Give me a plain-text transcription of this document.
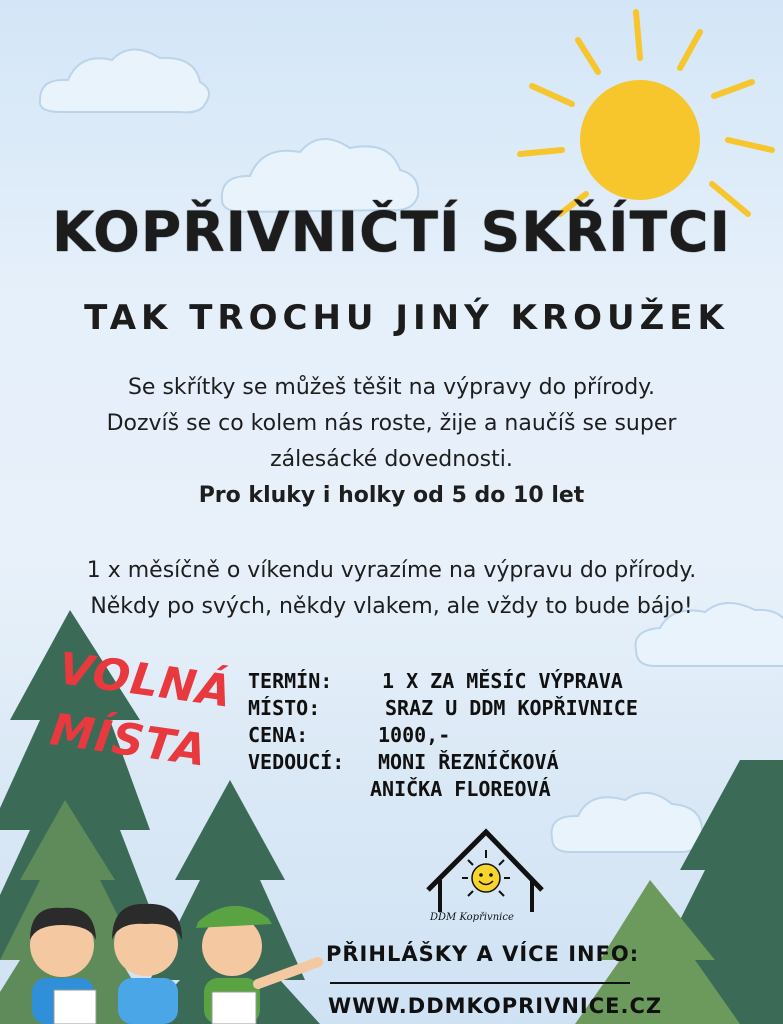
KOPŘIVNIČTÍ SKŘÍTCI
TAK TROCHU JINÝ KROUŽEK
Se skřítky se můžeš těšit na výpravy do přírody.
Dozvíš se co kolem nás roste, žije a naučíš se super
zálesácké dovednosti.
Pro kluky i holky od 5 do 10 let
1 x měsíčně o víkendu vyrazíme na výpravu do přírody.
Někdy po svých, někdy vlakem, ale vždy to bude bájo!
VOLNÁ
MÍSTA
TERMÍN: 1 X ZA MĚSÍC VÝPRAVA
MÍSTO:	SRAZ U DDM KOPŘIVNICE
CENA:	1000,-
VEDOUCÍ: MONI ŘEZNÍČKOVÁ
ANIČKA FLOREOVÁ
DDM Kopřivnice
PŘIHLÁŠKY A VÍCE INFO:
WWW.DDMKOPRIVNICE.CZ
